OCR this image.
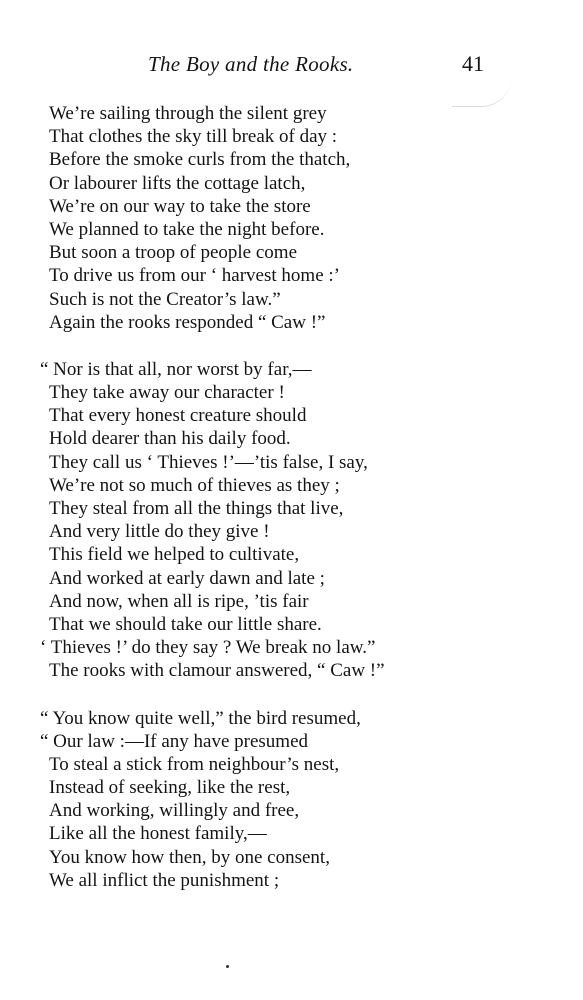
The Boy and the Rooks.	41
We’re sailing through the silent grey
That clothes the sky till break of day :
Before the smoke curls from the thatch,
Or labourer lifts the cottage latch,
We’re on our way to take the store
We planned to take the night before.
But soon a troop of people come
To drive us from our ‘ harvest home :’
Such is not the Creator’s law.”
Again the rooks responded “ Caw !”
“ Nor is that all, nor worst by far,—
They take away our character !
That every honest creature should
Hold dearer than his daily food.
They call us ‘ Thieves !’—’tis false, I say,
We’re not so much of thieves as they ;
They steal from all the things that live,
And very little do they give !
This field we helped to cultivate,
And worked at early dawn and late ;
And now, when all is ripe, ’tis fair
That we should take our little share.
‘ Thieves !’ do they say ? We break no law.”
The rooks with clamour answered, “ Caw !”
“ You know quite well,” the bird resumed,
“ Our law :—If any have presumed
To steal a stick from neighbour’s nest,
Instead of seeking, like the rest,
And working, willingly and free,
Like all the honest family,—
You know how then, by one consent,
We all inflict the punishment ;
